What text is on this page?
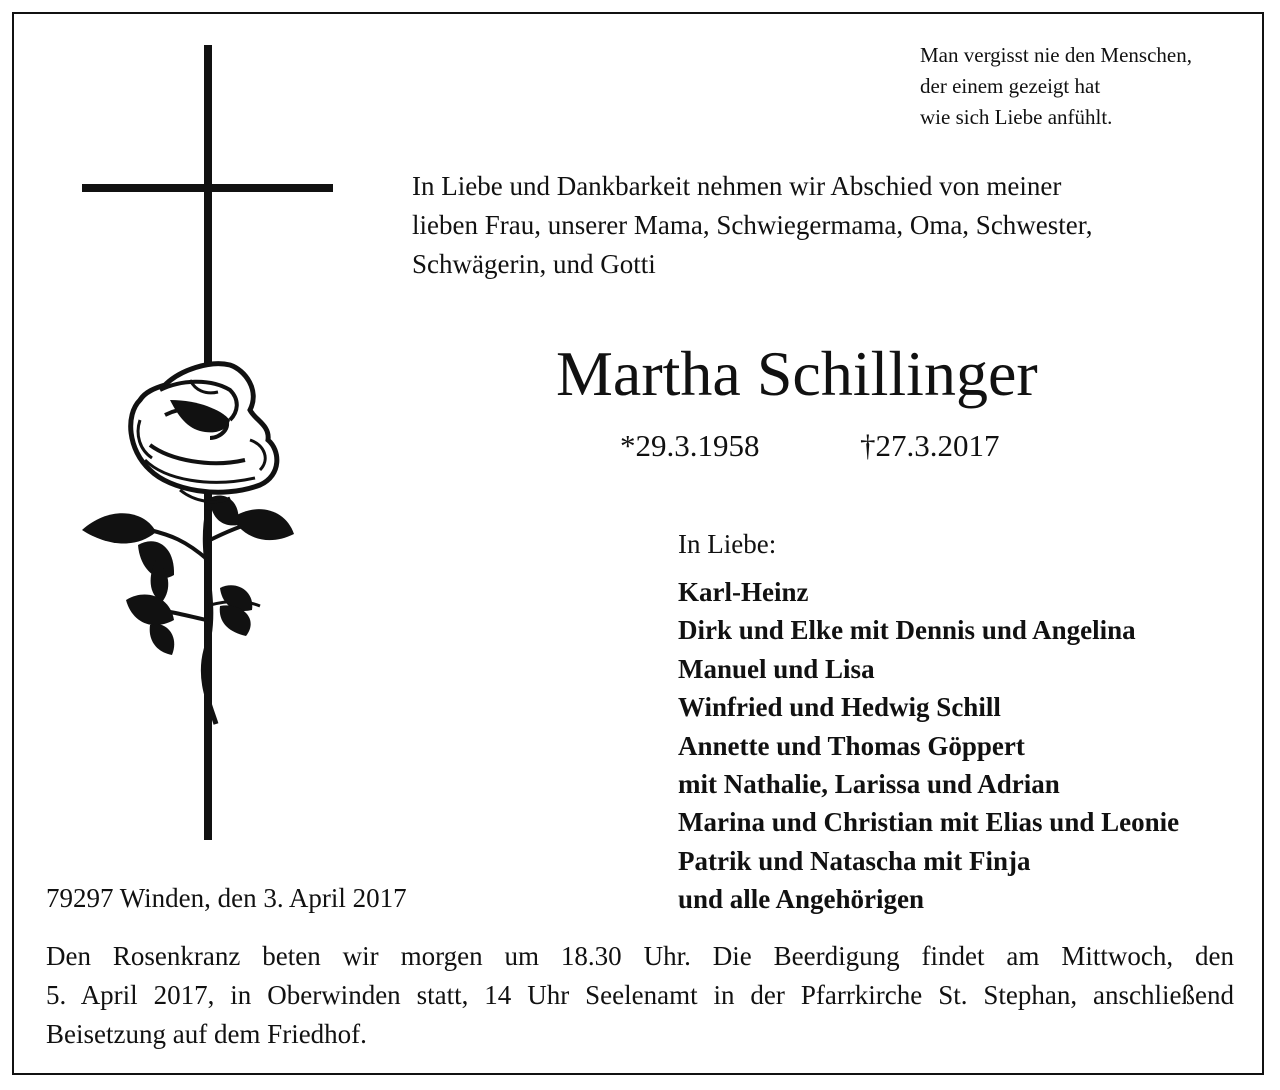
Man vergisst nie den Menschen,
der einem gezeigt hat
wie sich Liebe anfühlt.
In Liebe und Dankbarkeit nehmen wir Abschied von meiner
lieben Frau, unserer Mama, Schwiegermama, Oma, Schwester,
Schwägerin, und Gotti
Martha Schillinger
*29.3.1958	†27.3.2017
In Liebe:
Karl-Heinz
Dirk und Elke mit Dennis und Angelina
Manuel und Lisa
Winfried und Hedwig Schill
Annette und Thomas Göppert
mit Nathalie, Larissa und Adrian
Marina und Christian mit Elias und Leonie
Patrik und Natascha mit Finja
und alle Angehörigen
79297 Winden, den 3. April 2017
Den Rosenkranz beten wir morgen um 18.30 Uhr. Die Beerdigung findet am Mittwoch, den
5. April 2017, in Oberwinden statt, 14 Uhr Seelenamt in der Pfarrkirche St. Stephan, anschließend
Beisetzung auf dem Friedhof.
